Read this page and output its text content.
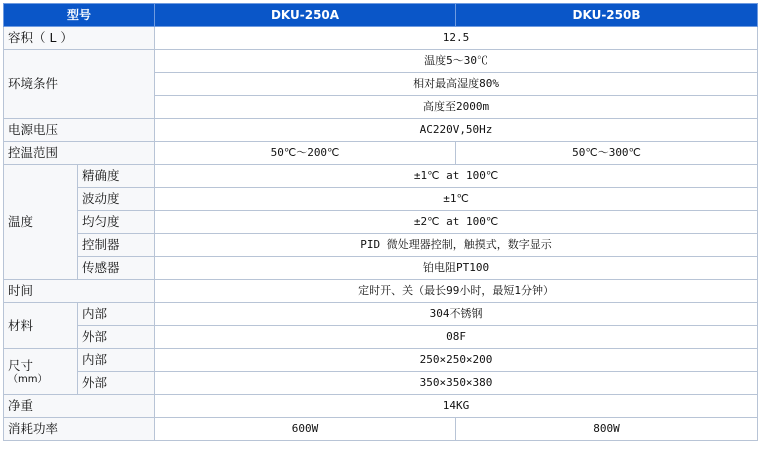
型号		DKU-250A	DKU-250B
容积（ L ）		12.5	
环境条件		温度5～30℃	
		相对最高湿度80%	
		高度至2000m	
电源电压		AC220V,50Hz	
控温范围		50℃～200℃	50℃～300℃
温度	精确度	±1℃ at 100℃	
	波动度	±1℃	
	均匀度	±2℃ at 100℃	
	控制器	PID 微处理器控制，触摸式，数字显示	
	传感器	铂电阻PT100	
时间		定时开、关（最长99小时，最短1分钟）	
材料	内部	304不锈钢	
	外部	08F	

尺寸
（mm）	内部	250×250×200	
	外部	350×350×380	
净重		14KG	
消耗功率		600W	800W
